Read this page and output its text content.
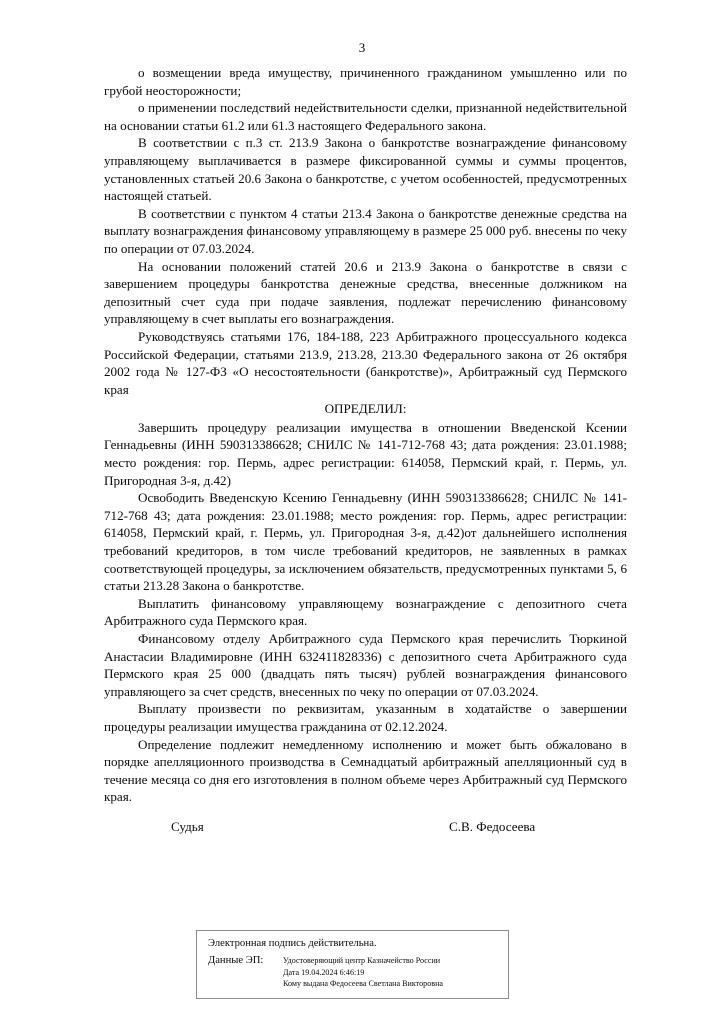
3

о возмещении вреда имуществу, причиненного гражданином умышленно или по грубой неосторожности;

о применении последствий недействительности сделки, признанной недействительной на основании статьи 61.2 или 61.3 настоящего Федерального закона.

В соответствии с п.3 ст. 213.9 Закона о банкротстве вознаграждение финансовому управляющему выплачивается в размере фиксированной суммы и суммы процентов, установленных статьей 20.6 Закона о банкротстве, с учетом особенностей, предусмотренных настоящей статьей.

В соответствии с пунктом 4 статьи 213.4 Закона о банкротстве денежные средства на выплату вознаграждения финансовому управляющему в размере 25 000 руб. внесены по чеку по операции от 07.03.2024.

На основании положений статей 20.6 и 213.9 Закона о банкротстве в связи с завершением процедуры банкротства денежные средства, внесенные должником на депозитный счет суда при подаче заявления, подлежат перечислению финансовому управляющему в счет выплаты его вознаграждения.

Руководствуясь статьями 176, 184-188, 223 Арбитражного процессуального кодекса Российской Федерации, статьями 213.9, 213.28, 213.30 Федерального закона от 26 октября 2002 года № 127-ФЗ «О несостоятельности (банкротстве)», Арбитражный суд Пермского края

ОПРЕДЕЛИЛ:

Завершить процедуру реализации имущества в отношении Введенской Ксении Геннадьевны (ИНН 590313386628; СНИЛС № 141-712-768 43; дата рождения: 23.01.1988; место рождения: гор. Пермь, адрес регистрации: 614058, Пермский край, г. Пермь, ул. Пригородная 3-я, д.42)

Освободить Введенскую Ксению Геннадьевну (ИНН 590313386628; СНИЛС № 141-712-768 43; дата рождения: 23.01.1988; место рождения: гор. Пермь, адрес регистрации: 614058, Пермский край, г. Пермь, ул. Пригородная 3-я, д.42)от дальнейшего исполнения требований кредиторов, в том числе требований кредиторов, не заявленных в рамках соответствующей процедуры, за исключением обязательств, предусмотренных пунктами 5, 6 статьи 213.28 Закона о банкротстве.

Выплатить финансовому управляющему вознаграждение с депозитного счета Арбитражного суда Пермского края.

Финансовому отделу Арбитражного суда Пермского края перечислить Тюркиной Анастасии Владимировне (ИНН 632411828336) с депозитного счета Арбитражного суда Пермского края 25 000 (двадцать пять тысяч) рублей вознаграждения финансового управляющего за счет средств, внесенных по чеку по операции от 07.03.2024.

Выплату произвести по реквизитам, указанным в ходатайстве о завершении процедуры реализации имущества гражданина от 02.12.2024.

Определение подлежит немедленному исполнению и может быть обжаловано в порядке апелляционного производства в Семнадцатый арбитражный апелляционный суд в течение месяца со дня его изготовления в полном объеме через Арбитражный суд Пермского края.

Судья	С.В. Федосеева
Электронная подпись действительна.
Данные ЭП: Удостоверяющий центр Казначейство России
Дата 19.04.2024 6:46:19
Кому выдана Федосеева Светлана Викторовна
